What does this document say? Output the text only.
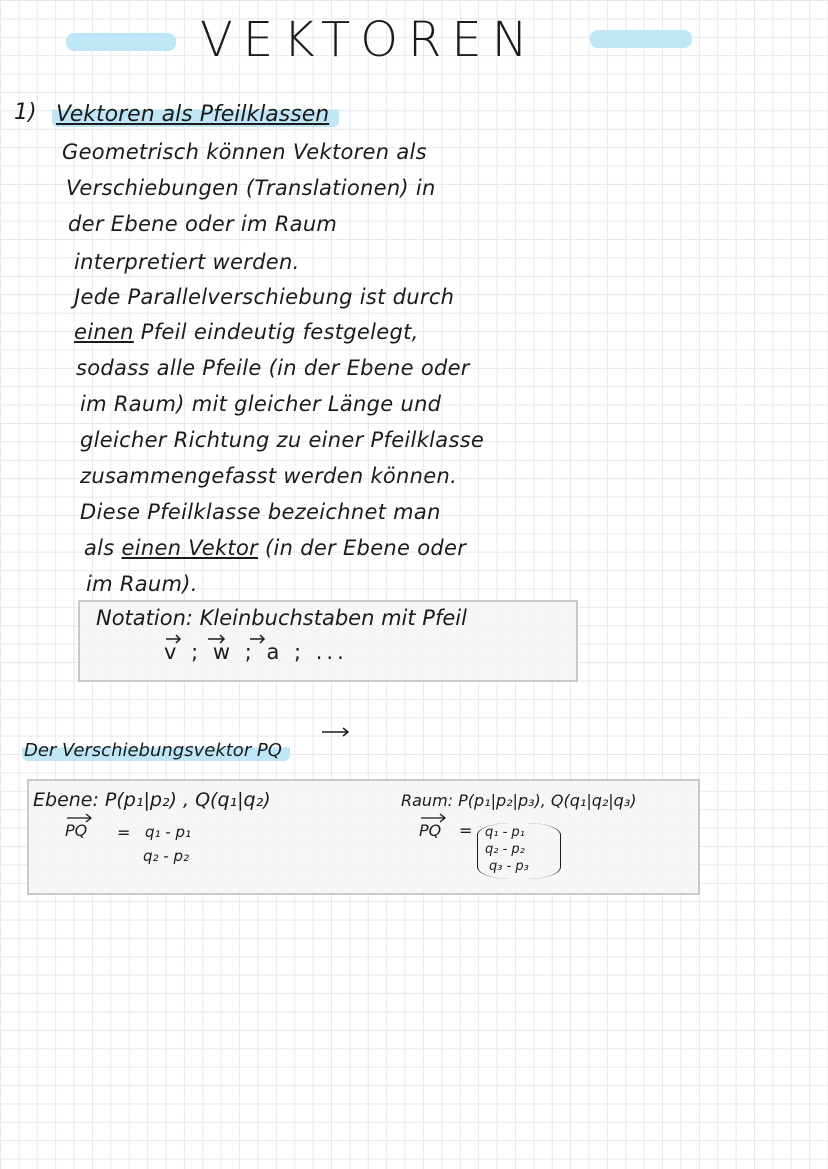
VEKTOREN
1) Vektoren als Pfeilklassen
Geometrisch können Vektoren als
Verschiebungen (Translationen) in
der Ebene oder im Raum
interpretiert werden.
Jede Parallelverschiebung ist durch
einen Pfeil eindeutig festgelegt,
sodass alle Pfeile (in der Ebene oder
im Raum) mit gleicher Länge und
gleicher Richtung zu einer Pfeilklasse
zusammengefasst werden können.
Diese Pfeilklasse bezeichnet man
als einen Vektor (in der Ebene oder
im Raum).
Notation: Kleinbuchstaben mit Pfeil
v ; w ; a ; ...
Der Verschiebungsvektor PQ
Ebene: P(p₁|p₂) , Q(q₁|q₂)
PQ = q₁ - p₁
q₂ - p₂
Raum: P(p₁|p₂|p₃), Q(q₁|q₂|q₃)
PQ = q₁ - p₁
q₂ - p₂
q₃ - p₃
